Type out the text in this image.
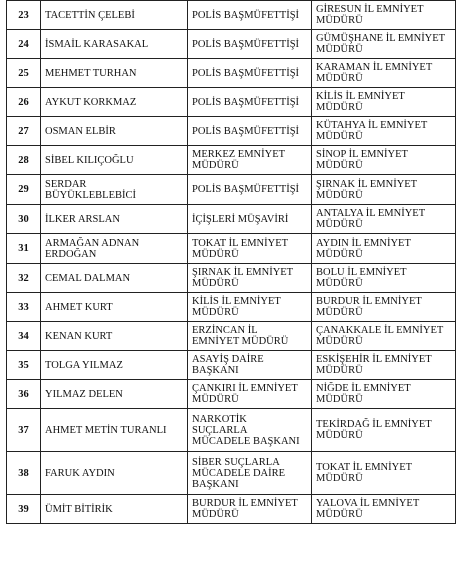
23	TACETTİN ÇELEBİ	POLİS BAŞMÜFETTİŞİ	GİRESUN İL EMNİYET
MÜDÜRÜ
24	İSMAİL KARASAKAL	POLİS BAŞMÜFETTİŞİ	GÜMÜŞHANE İL EMNİYET
MÜDÜRÜ
25	MEHMET TURHAN	POLİS BAŞMÜFETTİŞİ	KARAMAN İL EMNİYET
MÜDÜRÜ
26	AYKUT KORKMAZ	POLİS BAŞMÜFETTİŞİ	KİLİS İL EMNİYET
MÜDÜRÜ
27	OSMAN ELBİR	POLİS BAŞMÜFETTİŞİ	KÜTAHYA İL EMNİYET
MÜDÜRÜ
28	SİBEL KILIÇOĞLU	MERKEZ EMNİYET
MÜDÜRÜ	SİNOP İL EMNİYET
MÜDÜRÜ
29	SERDAR
BÜYÜKLEBLEBİCİ	POLİS BAŞMÜFETTİŞİ	ŞIRNAK İL EMNİYET
MÜDÜRÜ
30	İLKER ARSLAN	İÇİŞLERİ MÜŞAVİRİ	ANTALYA İL EMNİYET
MÜDÜRÜ
31	ARMAĞAN ADNAN
ERDOĞAN	TOKAT İL EMNİYET
MÜDÜRÜ	AYDIN İL EMNİYET
MÜDÜRÜ
32	CEMAL DALMAN	ŞIRNAK İL EMNİYET
MÜDÜRÜ	BOLU İL EMNİYET
MÜDÜRÜ
33	AHMET KURT	KİLİS İL EMNİYET
MÜDÜRÜ	BURDUR İL EMNİYET
MÜDÜRÜ
34	KENAN KURT	ERZİNCAN İL
EMNİYET MÜDÜRÜ	ÇANAKKALE İL EMNİYET
MÜDÜRÜ
35	TOLGA YILMAZ	ASAYİŞ DAİRE
BAŞKANI	ESKİŞEHİR İL EMNİYET
MÜDÜRÜ
36	YILMAZ DELEN	ÇANKIRI İL EMNİYET
MÜDÜRÜ	NİĞDE İL EMNİYET
MÜDÜRÜ
37	AHMET METİN TURANLI	NARKOTİK
SUÇLARLA
MÜCADELE BAŞKANI	TEKİRDAĞ İL EMNİYET
MÜDÜRÜ
38	FARUK AYDIN	SİBER SUÇLARLA
MÜCADELE DAİRE
BAŞKANI	TOKAT İL EMNİYET
MÜDÜRÜ
39	ÜMİT BİTİRİK	BURDUR İL EMNİYET
MÜDÜRÜ	YALOVA İL EMNİYET
MÜDÜRÜ
